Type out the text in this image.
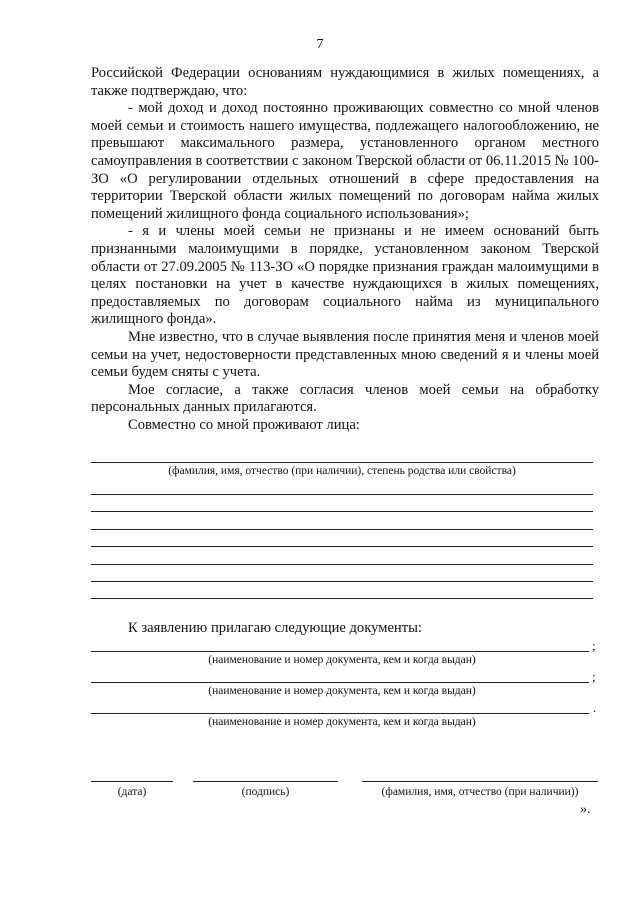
7

Российской Федерации основаниям нуждающимися в жилых помещениях, а также подтверждаю, что:

- мой доход и доход постоянно проживающих совместно со мной членов моей семьи и стоимость нашего имущества, подлежащего налогообложению, не превышают максимального размера, установленного органом местного самоуправления в соответствии с законом Тверской области от 06.11.2015 № 100-ЗО «О регулировании отдельных отношений в сфере предоставления на территории Тверской области жилых помещений по договорам найма жилых помещений жилищного фонда социального использования»;

- я и члены моей семьи не признаны и не имеем оснований быть признанными малоимущими в порядке, установленном законом Тверской области от 27.09.2005 № 113-ЗО «О порядке признания граждан малоимущими в целях постановки на учет в качестве нуждающихся в жилых помещениях, предоставляемых по договорам социального найма из муниципального жилищного фонда».

Мне известно, что в случае выявления после принятия меня и членов моей семьи на учет, недостоверности представленных мною сведений я и члены моей семьи будем сняты с учета.

Мое согласие, а также согласия членов моей семьи на обработку персональных данных прилагаются.

Совместно со мной проживают лица:

(фамилия, имя, отчество (при наличии), степень родства или свойства)
К заявлению прилагаю следующие документы:
;
(наименование и номер документа, кем и когда выдан)
;
(наименование и номер документа, кем и когда выдан)
.
(наименование и номер документа, кем и когда выдан)
(дата)	(подпись)	(фамилия, имя, отчество (при наличии))
».
